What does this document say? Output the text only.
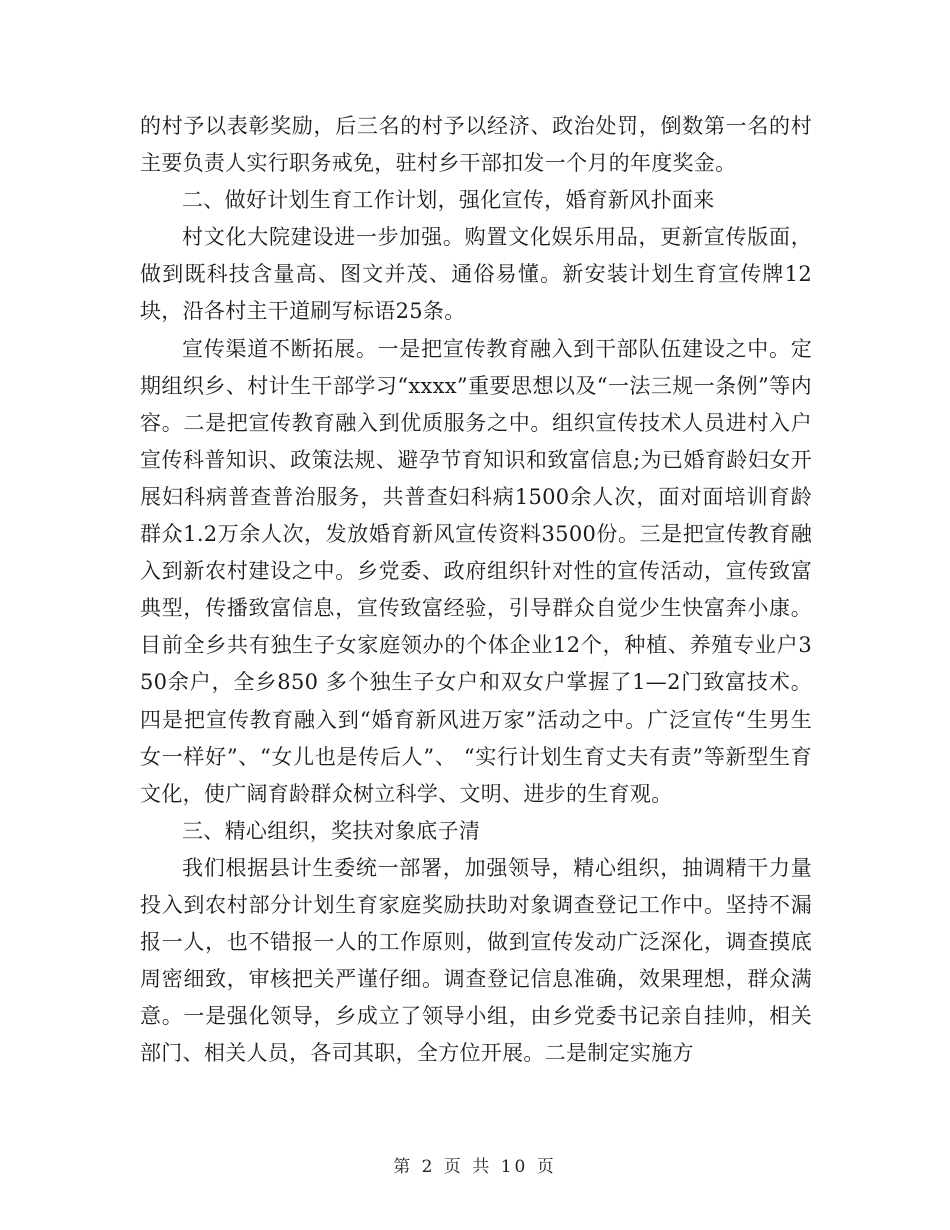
的村予以表彰奖励，后三名的村予以经济、政治处罚，倒数第一名的村主要负责人实行职务戒免，驻村乡干部扣发一个月的年度奖金。

二、做好计划生育工作计划，强化宣传，婚育新风扑面来

村文化大院建设进一步加强。购置文化娱乐用品，更新宣传版面，做到既科技含量高、图文并茂、通俗易懂。新安装计划生育宣传牌12块，沿各村主干道刷写标语25条。

宣传渠道不断拓展。一是把宣传教育融入到干部队伍建设之中。定期组织乡、村计生干部学习“xxxx”重要思想以及“一法三规一条例”等内容。二是把宣传教育融入到优质服务之中。组织宣传技术人员进村入户宣传科普知识、政策法规、避孕节育知识和致富信息;为已婚育龄妇女开展妇科病普查普治服务，共普查妇科病1500余人次，面对面培训育龄群众1.2万余人次，发放婚育新风宣传资料3500份。三是把宣传教育融入到新农村建设之中。乡党委、政府组织针对性的宣传活动，宣传致富典型，传播致富信息，宣传致富经验，引导群众自觉少生快富奔小康。目前全乡共有独生子女家庭领办的个体企业12个，种植、养殖专业户350余户，全乡850 多个独生子女户和双女户掌握了1—2门致富技术。四是把宣传教育融入到“婚育新风进万家”活动之中。广泛宣传“生男生女一样好”、“女儿也是传后人”、 “实行计划生育丈夫有责”等新型生育文化，使广阔育龄群众树立科学、文明、进步的生育观。

三、精心组织，奖扶对象底子清

我们根据县计生委统一部署，加强领导，精心组织，抽调精干力量投入到农村部分计划生育家庭奖励扶助对象调查登记工作中。坚持不漏报一人，也不错报一人的工作原则，做到宣传发动广泛深化，调查摸底周密细致，审核把关严谨仔细。调查登记信息准确，效果理想，群众满意。一是强化领导，乡成立了领导小组，由乡党委书记亲自挂帅，相关部门、相关人员，各司其职，全方位开展。二是制定实施方

第 2 页 共 10 页
